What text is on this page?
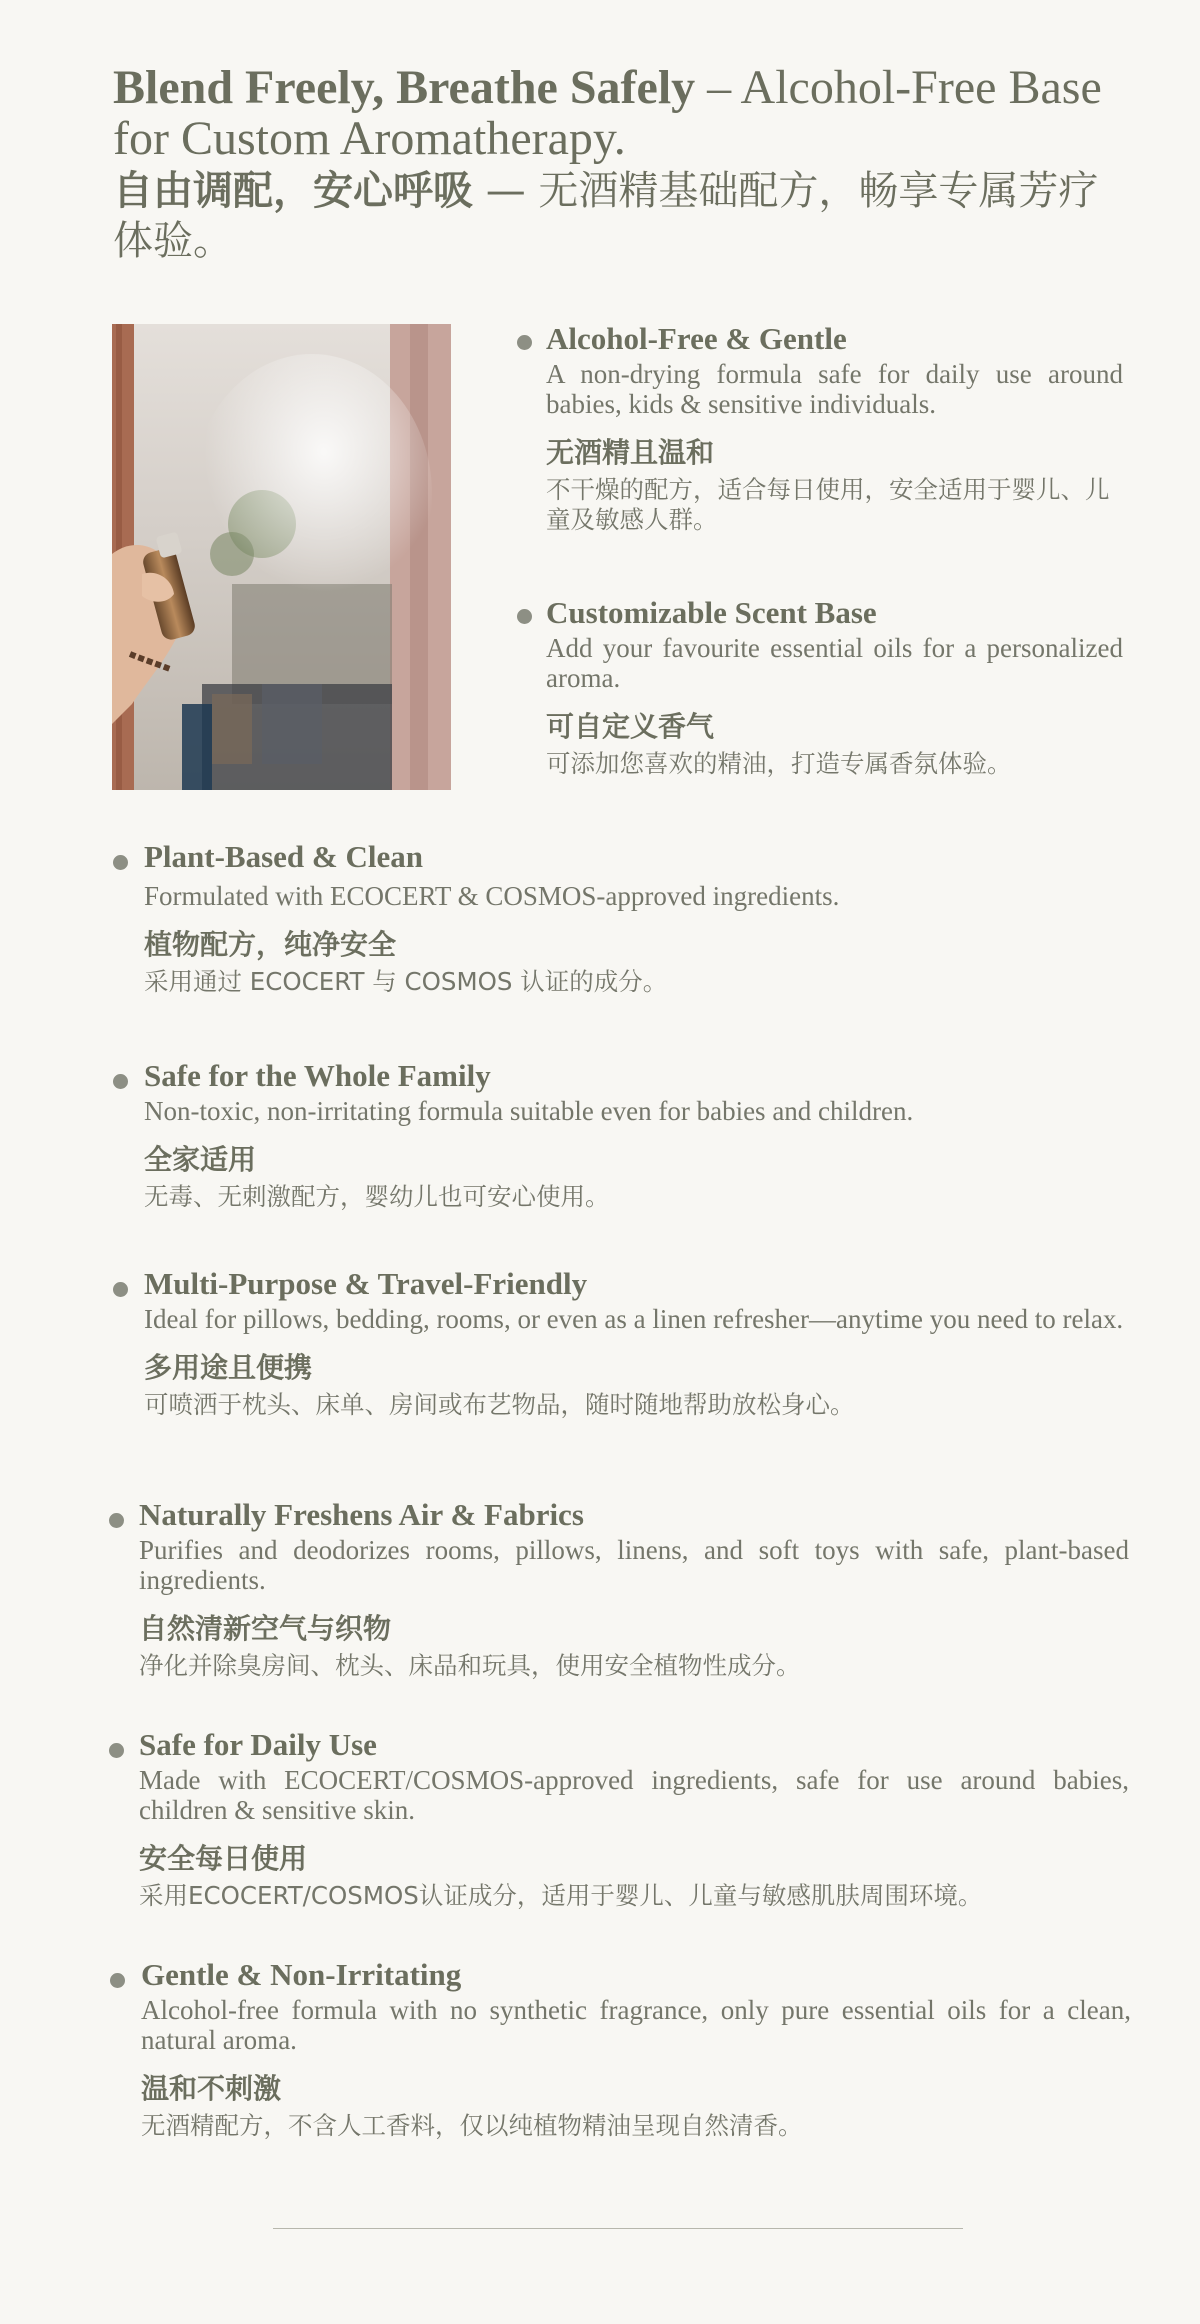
Blend Freely, Breathe Safely – Alcohol-Free Base for Custom Aromatherapy.
自由调配，安心呼吸 — 无酒精基础配方，畅享专属芳疗体验。
Alcohol-Free & Gentle
A non-drying formula safe for daily use around babies, kids & sensitive individuals.
无酒精且温和
不干燥的配方，适合每日使用，安全适用于婴儿、儿童及敏感人群。
Customizable Scent Base
Add your favourite essential oils for a personalized aroma.
可自定义香气
可添加您喜欢的精油，打造专属香氛体验。
Plant-Based & Clean
Formulated with ECOCERT & COSMOS-approved ingredients.
植物配方，纯净安全
采用通过 ECOCERT 与 COSMOS 认证的成分。
Safe for the Whole Family
Non-toxic, non-irritating formula suitable even for babies and children.
全家适用
无毒、无刺激配方，婴幼儿也可安心使用。
Multi-Purpose & Travel-Friendly
Ideal for pillows, bedding, rooms, or even as a linen refresher—anytime you need to relax.
多用途且便携
可喷洒于枕头、床单、房间或布艺物品，随时随地帮助放松身心。
Naturally Freshens Air & Fabrics
Purifies and deodorizes rooms, pillows, linens, and soft toys with safe, plant-based ingredients.
自然清新空气与织物
净化并除臭房间、枕头、床品和玩具，使用安全植物性成分。
Safe for Daily Use
Made with ECOCERT/COSMOS-approved ingredients, safe for use around babies, children & sensitive skin.
安全每日使用
采用ECOCERT/COSMOS认证成分，适用于婴儿、儿童与敏感肌肤周围环境。
Gentle & Non-Irritating
Alcohol-free formula with no synthetic fragrance, only pure essential oils for a clean, natural aroma.
温和不刺激
无酒精配方，不含人工香料，仅以纯植物精油呈现自然清香。
